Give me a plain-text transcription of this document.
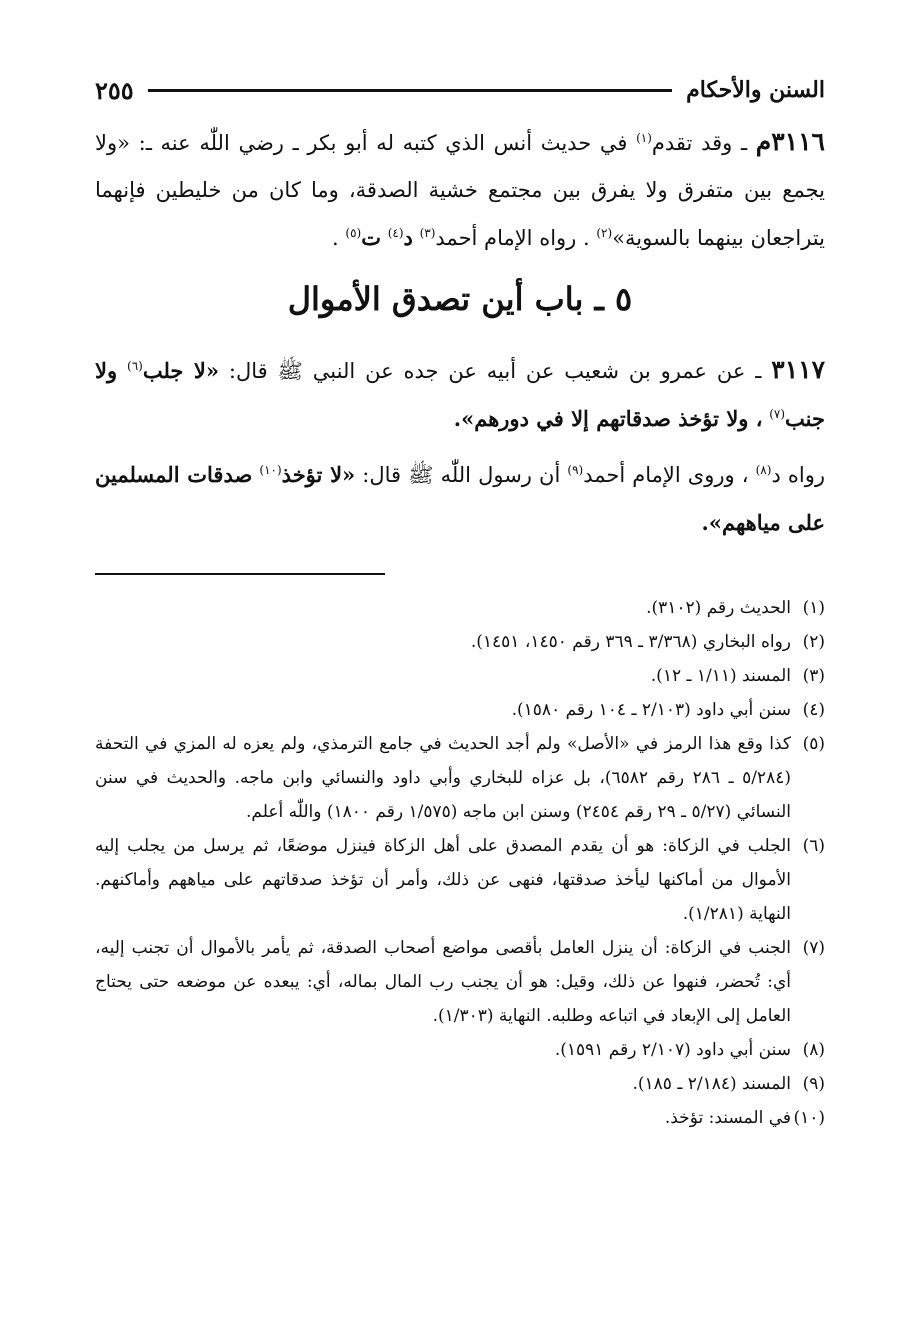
السنن والأحكام
٢٥٥
٣١١٦م ـ وقد تقدم$^{(١)}$ في حديث أنس الذي كتبه له أبو بكر ـ رضي اللّٰه عنه ـ: «ولا يجمع بين متفرق ولا يفرق بين مجتمع خشية الصدقة، وما كان من خليطين فإنهما يتراجعان بينهما بالسوية»$^{(٢)}$ . رواه الإمام أحمد$^{(٣)}$ د$^{(٤)}$ ت$^{(٥)}$ .
٥ ـ باب أين تصدق الأموال
٣١١٧ ـ عن عمرو بن شعيب عن أبيه عن جده عن النبي ﷺ قال: «لا جلب$^{(٦)}$ ولا جنب$^{(٧)}$ ، ولا تؤخذ صدقاتهم إلا في دورهم».
رواه د$^{(٨)}$ ، وروى الإمام أحمد$^{(٩)}$ أن رسول اللّٰه ﷺ قال: «لا تؤخذ$^{(١٠)}$ صدقات المسلمين على مياههم».
(١)
الحديث رقم (٣١٠٢).
(٢)
رواه البخاري (٣/٣٦٨ ـ ٣٦٩ رقم ١٤٥٠، ١٤٥١).
(٣)
المسند (١/١١ ـ ١٢).
(٤)
سنن أبي داود (٢/١٠٣ ـ ١٠٤ رقم ١٥٨٠).
(٥)
كذا وقع هذا الرمز في «الأصل» ولم أجد الحديث في جامع الترمذي، ولم يعزه له المزي في التحفة (٥/٢٨٤ ـ ٢٨٦ رقم ٦٥٨٢)، بل عزاه للبخاري وأبي داود والنسائي وابن ماجه. والحديث في سنن النسائي (٥/٢٧ ـ ٢٩ رقم ٢٤٥٤) وسنن ابن ماجه (١/٥٧٥ رقم ١٨٠٠) واللّٰه أعلم.
(٦)
الجلب في الزكاة: هو أن يقدم المصدق على أهل الزكاة فينزل موضعًا، ثم يرسل من يجلب إليه الأموال من أماكنها ليأخذ صدقتها، فنهى عن ذلك، وأمر أن تؤخذ صدقاتهم على مياههم وأماكنهم. النهاية (١/٢٨١).
(٧)
الجنب في الزكاة: أن ينزل العامل بأقصى مواضع أصحاب الصدقة، ثم يأمر بالأموال أن تجنب إليه، أي: تُحضر، فنهوا عن ذلك، وقيل: هو أن يجنب رب المال بماله، أي: يبعده عن موضعه حتى يحتاج العامل إلى الإبعاد في اتباعه وطلبه. النهاية (١/٣٠٣).
(٨)
سنن أبي داود (٢/١٠٧ رقم ١٥٩١).
(٩)
المسند (٢/١٨٤ ـ ١٨٥).
(١٠)
في المسند: تؤخذ.
